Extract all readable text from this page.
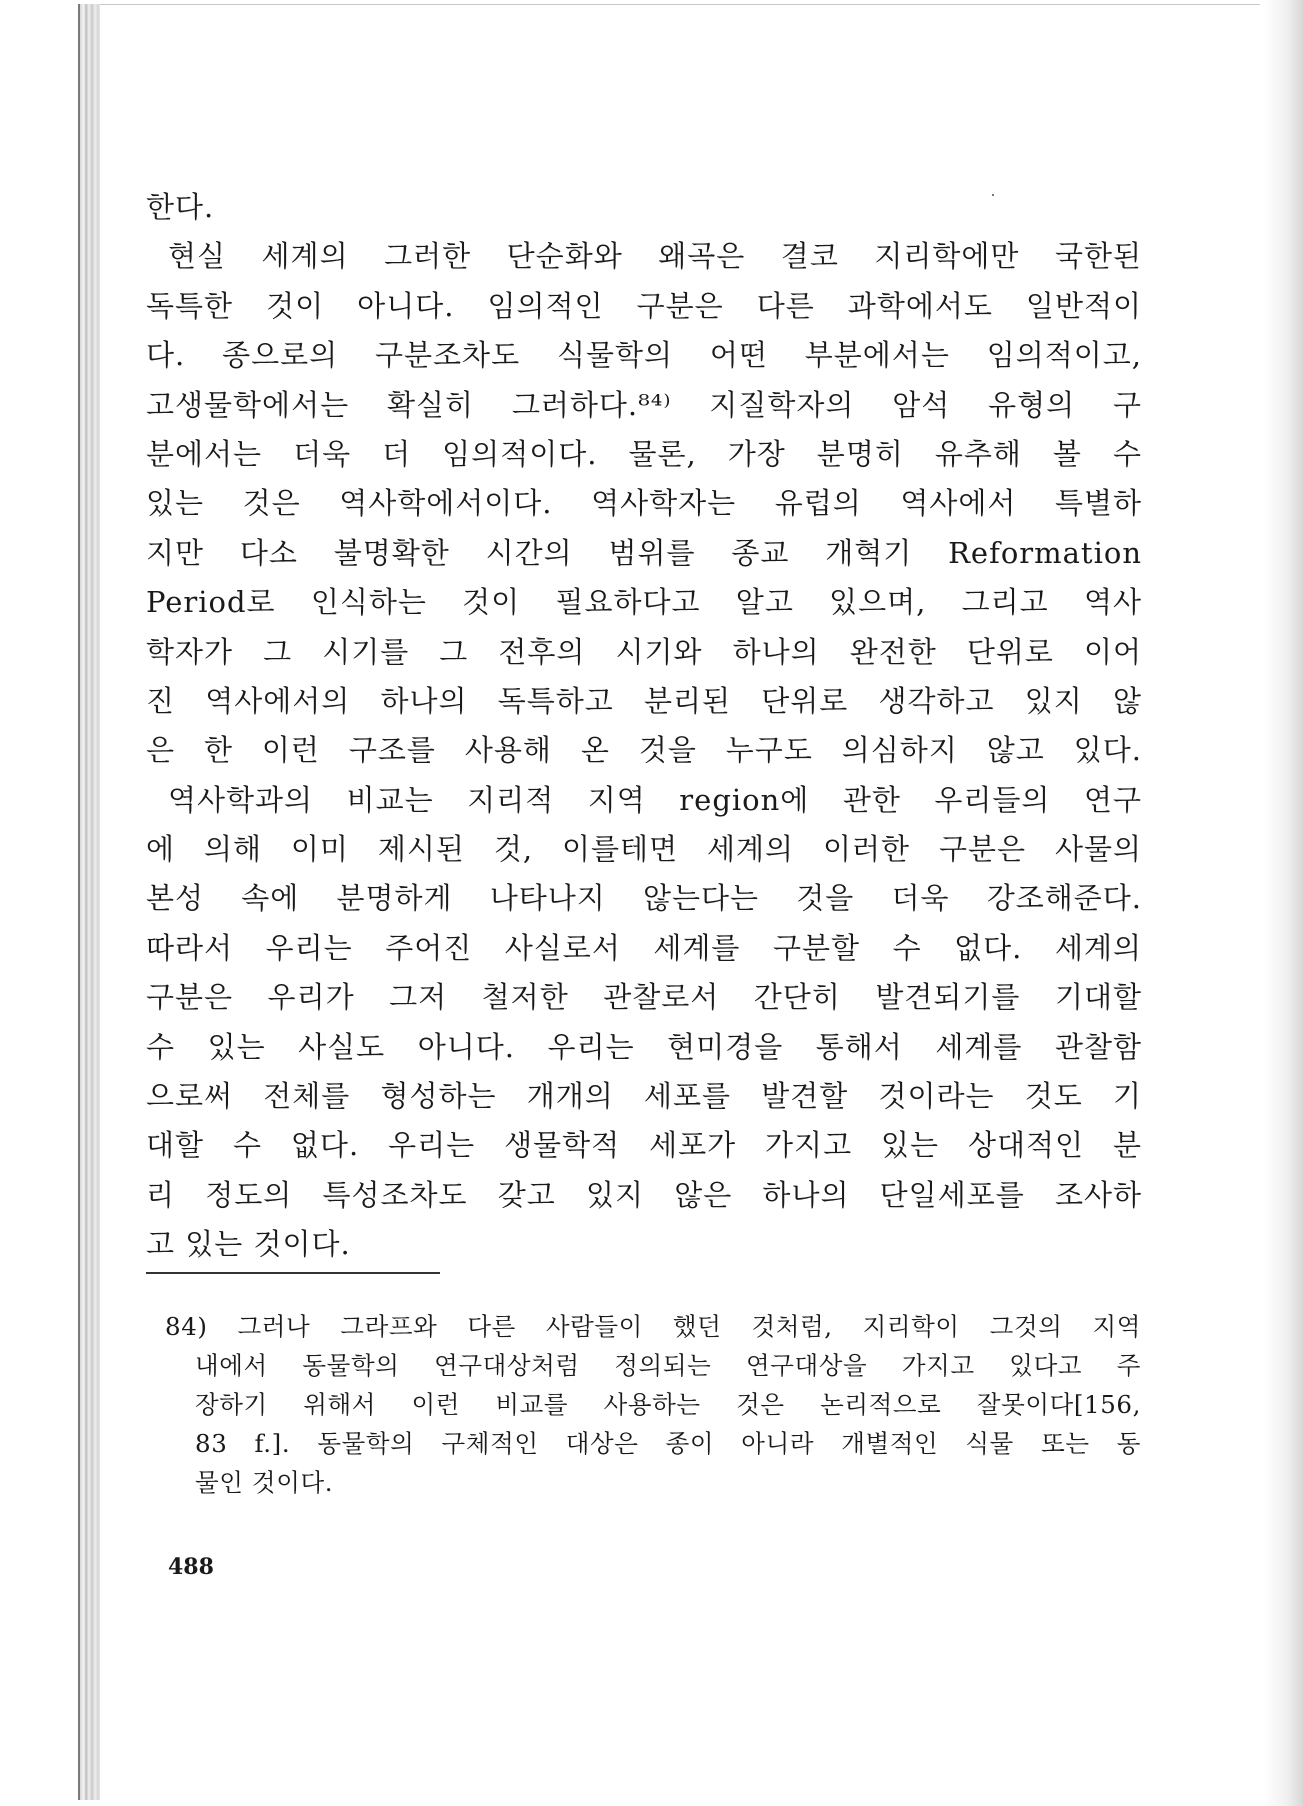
한다.
현실 세계의 그러한 단순화와 왜곡은 결코 지리학에만 국한된
독특한 것이 아니다. 임의적인 구분은 다른 과학에서도 일반적이
다. 종으로의 구분조차도 식물학의 어떤 부분에서는 임의적이고,
고생물학에서는 확실히 그러하다.⁸⁴⁾ 지질학자의 암석 유형의 구
분에서는 더욱 더 임의적이다. 물론, 가장 분명히 유추해 볼 수
있는 것은 역사학에서이다. 역사학자는 유럽의 역사에서 특별하
지만 다소 불명확한 시간의 범위를 종교 개혁기 Reformation
Period로 인식하는 것이 필요하다고 알고 있으며, 그리고 역사
학자가 그 시기를 그 전후의 시기와 하나의 완전한 단위로 이어
진 역사에서의 하나의 독특하고 분리된 단위로 생각하고 있지 않
은 한 이런 구조를 사용해 온 것을 누구도 의심하지 않고 있다.
역사학과의 비교는 지리적 지역 region에 관한 우리들의 연구
에 의해 이미 제시된 것, 이를테면 세계의 이러한 구분은 사물의
본성 속에 분명하게 나타나지 않는다는 것을 더욱 강조해준다.
따라서 우리는 주어진 사실로서 세계를 구분할 수 없다. 세계의
구분은 우리가 그저 철저한 관찰로서 간단히 발견되기를 기대할
수 있는 사실도 아니다. 우리는 현미경을 통해서 세계를 관찰함
으로써 전체를 형성하는 개개의 세포를 발견할 것이라는 것도 기
대할 수 없다. 우리는 생물학적 세포가 가지고 있는 상대적인 분
리 정도의 특성조차도 갖고 있지 않은 하나의 단일세포를 조사하
고 있는 것이다.
84) 그러나 그라프와 다른 사람들이 했던 것처럼, 지리학이 그것의 지역
내에서 동물학의 연구대상처럼 정의되는 연구대상을 가지고 있다고 주
장하기 위해서 이런 비교를 사용하는 것은 논리적으로 잘못이다[156,
83 f.]. 동물학의 구체적인 대상은 종이 아니라 개별적인 식물 또는 동
물인 것이다.
488
